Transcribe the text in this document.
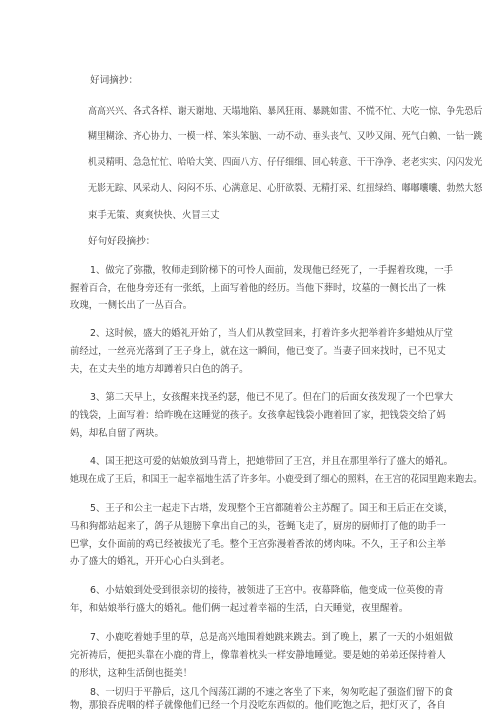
好词摘抄：
高高兴兴、各式各样、谢天谢地、天塌地陷、暴风狂雨、暴跳如雷、不慌不忙、大吃一惊、争先恐后
糊里糊涂、齐心协力、一模一样、笨头笨脑、一动不动、垂头丧气、又吵又闹、死气白赖、一钻一跳
机灵精明、急急忙忙、哈哈大笑、四面八方、仔仔细细、回心转意、干干净净、老老实实、闪闪发光
无影无踪、风采动人、闷闷不乐、心满意足、心肝欲裂、无精打采、红扭绿绉、嘟嘟囔囔、勃然大怒
束手无策、爽爽快快、火冒三丈
好句好段摘抄：
1、做完了弥撒，牧师走到阶梯下的可怜人面前，发现他已经死了，一手握着玫瑰，一手
握着百合，在他身旁还有一张纸，上面写着他的经历。当他下葬时，坟墓的一侧长出了一株
玫瑰，一侧长出了一丛百合。
2、这时候，盛大的婚礼开始了，当人们从教堂回来，打着许多火把举着许多蜡烛从厅堂
前经过，一丝亮光落到了王子身上，就在这一瞬间，他已变了。当妻子回来找时，已不见丈
夫，在丈夫坐的地方却蹲着只白色的鸽子。
3、第二天早上，女孩醒来找圣约瑟，他已不见了。但在门的后面女孩发现了一个巴掌大
的钱袋，上面写着：给昨晚在这睡觉的孩子。女孩拿起钱袋小跑着回了家，把钱袋交给了妈
妈，却私自留了两块。
4、国王把这可爱的姑娘放到马背上，把她带回了王宫，并且在那里举行了盛大的婚礼。
她现在成了王后，和国王一起幸福地生活了许多年。小鹿受到了细心的照料，在王宫的花园里跑来跑去。
5、王子和公主一起走下古塔，发现整个王宫都随着公主苏醒了。国王和王后正在交谈，
马和狗都站起来了，鸽子从翅膀下拿出自己的头，苍蝇飞走了，厨房的厨师打了他的助手一
巴掌，女仆面前的鸡已经被拔光了毛。整个王宫弥漫着香浓的烤肉味。不久，王子和公主举
办了盛大的婚礼，开开心心白头到老。
6、小姑娘到处受到很亲切的接待，被领进了王宫中。夜幕降临，他变成一位英俊的青
年，和姑娘举行盛大的婚礼。他们俩一起过着幸福的生活，白天睡觉，夜里醒着。
7、小鹿吃着她手里的草，总是高兴地围着她跳来跳去。到了晚上，累了一天的小姐姐做
完祈祷后，便把头靠在小鹿的背上，像靠着枕头一样安静地睡觉。要是她的弟弟还保持着人
的形状，这种生活倒也挺美！
8、一切归于平静后，这几个闯荡江湖的不速之客坐了下来，匆匆吃起了强盗们留下的食
物，那狼吞虎咽的样子就像他们已经一个月没吃东西似的。他们吃饱之后，把灯灭了，各自
